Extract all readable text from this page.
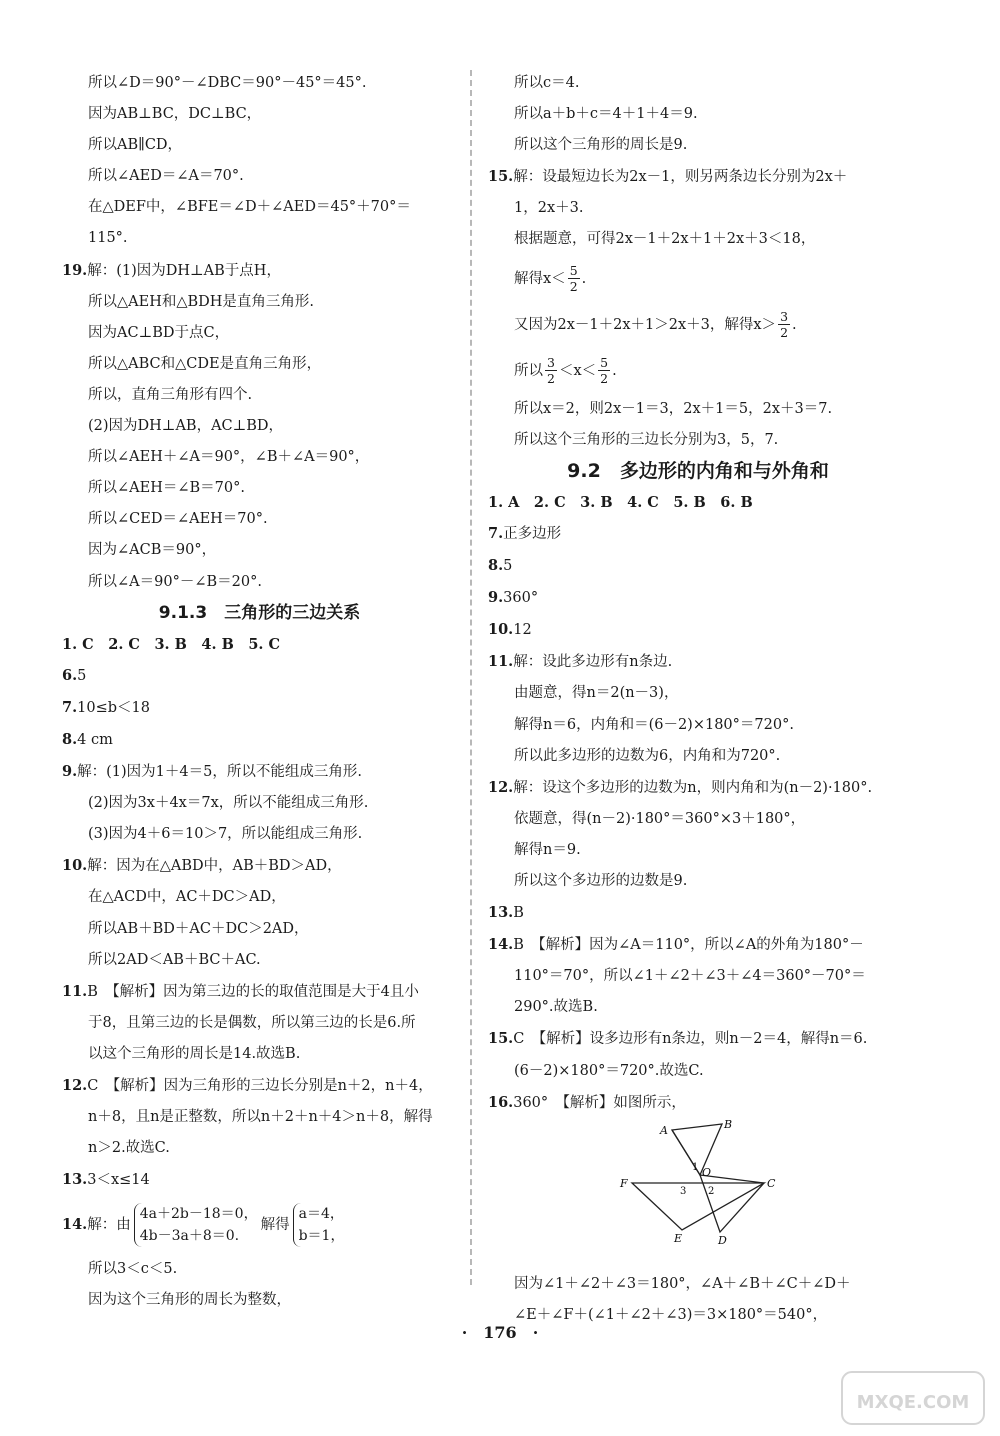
所以∠D＝90°－∠DBC＝90°－45°＝45°.
因为AB⊥BC，DC⊥BC，
所以AB∥CD，
所以∠AED＝∠A＝70°.
在△DEF中，∠BFE＝∠D＋∠AED＝45°＋70°＝
115°.
19.解：(1)因为DH⊥AB于点H，
所以△AEH和△BDH是直角三角形.
因为AC⊥BD于点C，
所以△ABC和△CDE是直角三角形，
所以，直角三角形有四个.
(2)因为DH⊥AB，AC⊥BD，
所以∠AEH＋∠A＝90°，∠B＋∠A＝90°，
所以∠AEH＝∠B＝70°.
所以∠CED＝∠AEH＝70°.
因为∠ACB＝90°，
所以∠A＝90°－∠B＝20°.
9.1.3　三角形的三边关系
1. C　2. C　3. B　4. B　5. C
6.5
7.10≤b＜18
8.4 cm
9.解：(1)因为1＋4＝5，所以不能组成三角形.
(2)因为3x＋4x＝7x，所以不能组成三角形.
(3)因为4＋6＝10＞7，所以能组成三角形.
10.解：因为在△ABD中，AB＋BD＞AD，
在△ACD中，AC＋DC＞AD，
所以AB＋BD＋AC＋DC＞2AD，
所以2AD＜AB＋BC＋AC.
11.B　【解析】因为第三边的长的取值范围是大于4且小
于8，且第三边的长是偶数，所以第三边的长是6.所
以这个三角形的周长是14.故选B.
12.C　【解析】因为三角形的三边长分别是n＋2，n＋4，
n＋8，且n是正整数，所以n＋2＋n＋4＞n＋8，解得
n＞2.故选C.
13.3＜x≤14
14.解：由
4a＋2b－18＝0，
4b－3a＋8＝0.
解得
a＝4，
b＝1，
所以3＜c＜5.
因为这个三角形的周长为整数，
所以c＝4.
所以a＋b＋c＝4＋1＋4＝9.
所以这个三角形的周长是9.
15.解：设最短边长为2x－1，则另两条边长分别为2x＋
1，2x＋3.
根据题意，可得2x－1＋2x＋1＋2x＋3＜18，
解得$x< \frac{5}{2}$ .
又因为2x－1＋2x＋1＞2x＋3，解得$x> \frac{3}{2}$ .
所以 $\frac{3}{2} <x< \frac{5}{2}$ .
所以x＝2，则2x－1＝3，2x＋1＝5，2x＋3＝7.
所以这个三角形的三边长分别为3，5，7.
9.2　多边形的内角和与外角和
1. A　2. C　3. B　4. C　5. B　6. B
7.正多边形
8.5
9.360°
10.12
11.解：设此多边形有n条边.
由题意，得n＝2(n－3)，
解得n＝6，内角和＝(6－2)×180°＝720°.
所以此多边形的边数为6，内角和为720°.
12.解：设这个多边形的边数为n，则内角和为(n－2)·180°.
依题意，得(n－2)·180°＝360°×3＋180°，
解得n＝9.
所以这个多边形的边数是9.
13.B
14.B　【解析】因为∠A＝110°，所以∠A的外角为180°－
110°＝70°，所以∠1＋∠2＋∠3＋∠4＝360°－70°＝
290°.故选B.
15.C　【解析】设多边形有n条边，则n－2＝4，解得n＝6.
(6－2)×180°＝720°.故选C.
16.360°　【解析】如图所示，
因为∠1＋∠2＋∠3＝180°，∠A＋∠B＋∠C＋∠D＋
∠E＋∠F＋(∠1＋∠2＋∠3)＝3×180°＝540°，
A	B
C
D
E
F
O
1
2
3
·　176　·
MXQE.COM
